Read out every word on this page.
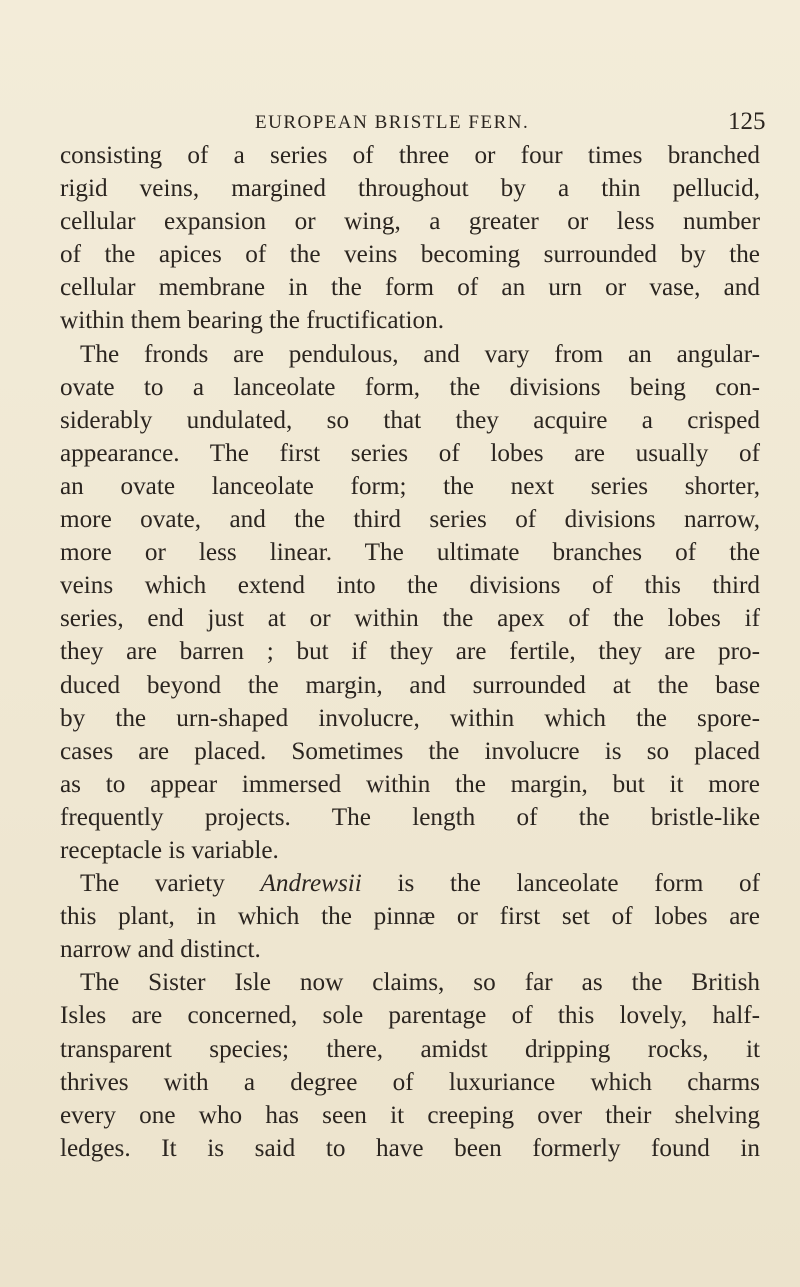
EUROPEAN BRISTLE FERN.	125
consisting of a series of three or four times branched
rigid veins, margined throughout by a thin pellucid,
cellular expansion or wing, a greater or less number
of the apices of the veins becoming surrounded by the
cellular membrane in the form of an urn or vase, and
within them bearing the fructification.
The fronds are pendulous, and vary from an angular-
ovate to a lanceolate form, the divisions being con-
siderably undulated, so that they acquire a crisped
appearance. The first series of lobes are usually of
an ovate lanceolate form; the next series shorter,
more ovate, and the third series of divisions narrow,
more or less linear. The ultimate branches of the
veins which extend into the divisions of this third
series, end just at or within the apex of the lobes if
they are barren ; but if they are fertile, they are pro-
duced beyond the margin, and surrounded at the base
by the urn-shaped involucre, within which the spore-
cases are placed. Sometimes the involucre is so placed
as to appear immersed within the margin, but it more
frequently projects. The length of the bristle-like
receptacle is variable.
The variety Andrewsii is the lanceolate form of
this plant, in which the pinnæ or first set of lobes are
narrow and distinct.
The Sister Isle now claims, so far as the British
Isles are concerned, sole parentage of this lovely, half-
transparent species; there, amidst dripping rocks, it
thrives with a degree of luxuriance which charms
every one who has seen it creeping over their shelving
ledges. It is said to have been formerly found in
